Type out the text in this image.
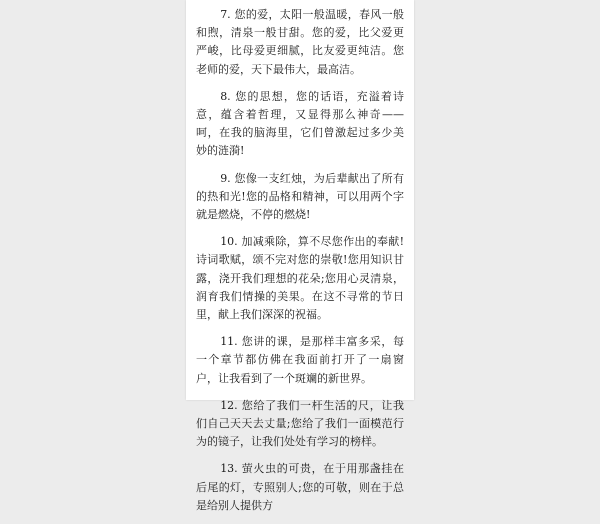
7. 您的爱，太阳一般温暖，春风一般和煦，清泉一般甘甜。您的爱，比父爱更严峻，比母爱更细腻，比友爱更纯洁。您老师的爱，天下最伟大，最高洁。

8. 您的思想，您的话语，充溢着诗意，蕴含着哲理，又显得那么神奇——呵，在我的脑海里，它们曾激起过多少美妙的涟漪!

9. 您像一支红烛，为后辈献出了所有的热和光!您的品格和精神，可以用两个字就是燃烧，不停的燃烧!

10. 加减乘除，算不尽您作出的奉献!诗词歌赋，颂不完对您的崇敬!您用知识甘露，浇开我们理想的花朵;您用心灵清泉，润育我们情操的美果。在这不寻常的节日里，献上我们深深的祝福。

11. 您讲的课，是那样丰富多采，每一个章节都仿佛在我面前打开了一扇窗户，让我看到了一个斑斓的新世界。

12. 您给了我们一杆生活的尺，让我们自己天天去丈量;您给了我们一面模范行为的镜子，让我们处处有学习的榜样。

13. 萤火虫的可贵，在于用那盏挂在后尾的灯，专照别人;您的可敬，则在于总是给别人提供方
